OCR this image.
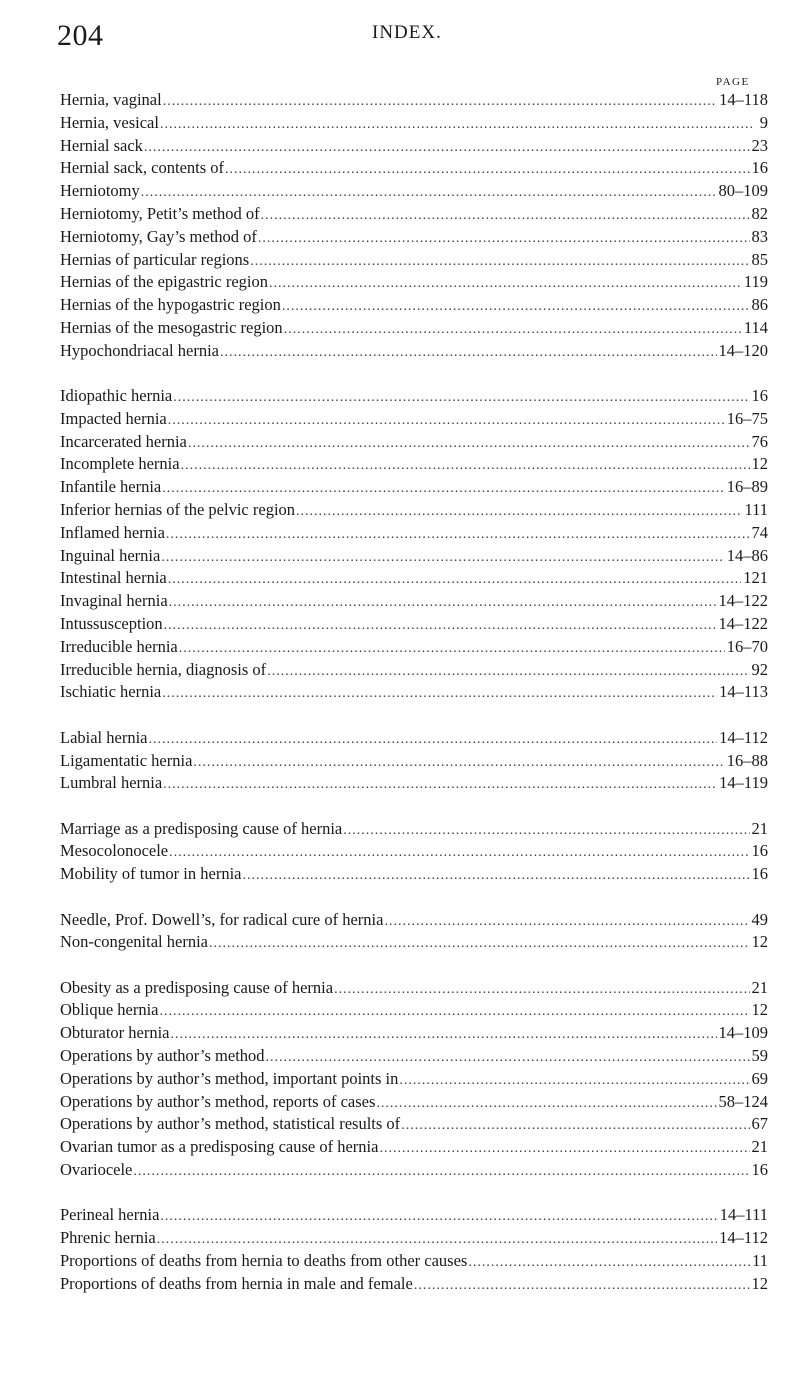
204	INDEX.
PAGE
Hernia, vaginal .....	14–118
Hernia, vesical .....	9
Hernial sack .....	23
Hernial sack, contents of .....	16
Herniotomy .....	80–109
Herniotomy, Petit’s method of .....	82
Herniotomy, Gay’s method of .....	83
Hernias of particular regions .....	85
Hernias of the epigastric region .....	119
Hernias of the hypogastric region .....	86
Hernias of the mesogastric region .....	114
Hypochondriacal hernia .....	14–120
Idiopathic hernia .....	16
Impacted hernia .....	16–75
Incarcerated hernia .....	76
Incomplete hernia .....	12
Infantile hernia .....	16–89
Inferior hernias of the pelvic region .....	111
Inflamed hernia .....	74
Inguinal hernia .....	14–86
Intestinal hernia .....	121
Invaginal hernia .....	14–122
Intussusception .....	14–122
Irreducible hernia .....	16–70
Irreducible hernia, diagnosis of .....	92
Ischiatic hernia .....	14–113
Labial hernia .....	14–112
Ligamentatic hernia .....	16–88
Lumbral hernia .....	14–119
Marriage as a predisposing cause of hernia .....	21
Mesocolonocele .....	16
Mobility of tumor in hernia .....	16
Needle, Prof. Dowell’s, for radical cure of hernia .....	49
Non-congenital hernia .....	12
Obesity as a predisposing cause of hernia .....	21
Oblique hernia .....	12
Obturator hernia .....	14–109
Operations by author’s method .....	59
Operations by author’s method, important points in .....	69
Operations by author’s method, reports of cases .....	58–124
Operations by author’s method, statistical results of .....	67
Ovarian tumor as a predisposing cause of hernia .....	21
Ovariocele .....	16
Perineal hernia .....	14–111
Phrenic hernia .....	14–112
Proportions of deaths from hernia to deaths from other causes .....	11
Proportions of deaths from hernia in male and female .....	12
